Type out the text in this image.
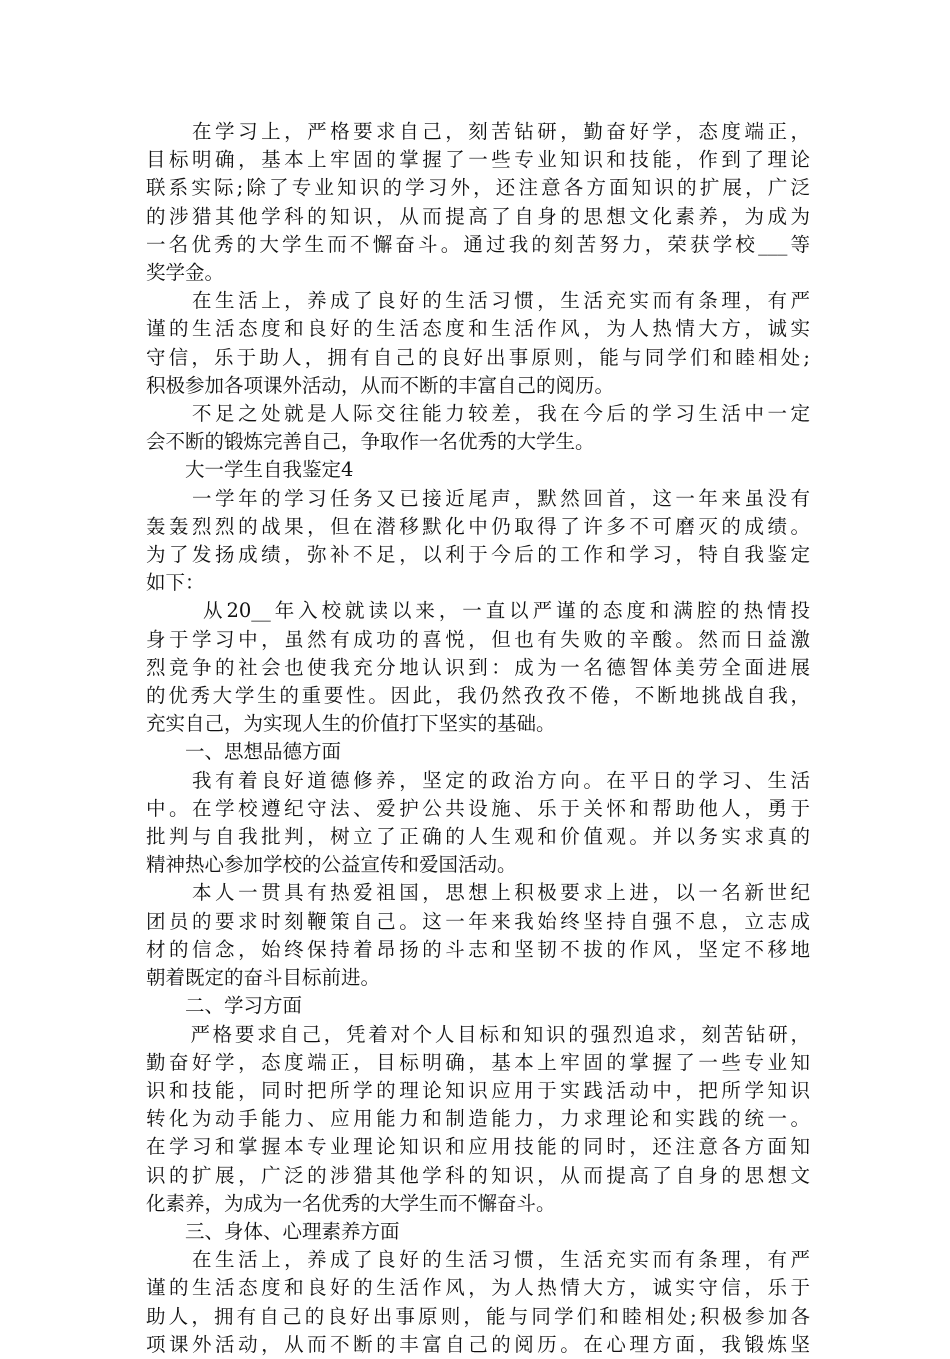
　　在学习上，严格要求自己，刻苦钻研，勤奋好学，态度端正，
目标明确，基本上牢固的掌握了一些专业知识和技能，作到了理论
联系实际;除了专业知识的学习外，还注意各方面知识的扩展，广泛
的涉猎其他学科的知识，从而提高了自身的思想文化素养，为成为
一名优秀的大学生而不懈奋斗。通过我的刻苦努力，荣获学校___等
奖学金。
　　在生活上，养成了良好的生活习惯，生活充实而有条理，有严
谨的生活态度和良好的生活态度和生活作风，为人热情大方，诚实
守信，乐于助人，拥有自己的良好出事原则，能与同学们和睦相处;
积极参加各项课外活动，从而不断的丰富自己的阅历。
　　不足之处就是人际交往能力较差，我在今后的学习生活中一定
会不断的锻炼完善自己，争取作一名优秀的大学生。
　　大一学生自我鉴定4
　　一学年的学习任务又已接近尾声，默然回首，这一年来虽没有
轰轰烈烈的战果，但在潜移默化中仍取得了许多不可磨灭的成绩。
为了发扬成绩，弥补不足，以利于今后的工作和学习，特自我鉴定
如下：
　　 从20__年入校就读以来，一直以严谨的态度和满腔的热情投
身于学习中，虽然有成功的喜悦，但也有失败的辛酸。然而日益激
烈竞争的社会也使我充分地认识到：成为一名德智体美劳全面进展
的优秀大学生的重要性。因此，我仍然孜孜不倦，不断地挑战自我，
充实自己，为实现人生的价值打下坚实的基础。
　　一、思想品德方面
　　我有着良好道德修养，坚定的政治方向。在平日的学习、生活
中。在学校遵纪守法、爱护公共设施、乐于关怀和帮助他人，勇于
批判与自我批判，树立了正确的人生观和价值观。并以务实求真的
精神热心参加学校的公益宣传和爱国活动。
　　本人一贯具有热爱祖国，思想上积极要求上进，以一名新世纪
团员的要求时刻鞭策自己。这一年来我始终坚持自强不息，立志成
材的信念，始终保持着昂扬的斗志和坚韧不拔的作风，坚定不移地
朝着既定的奋斗目标前进。
　　二、学习方面
　　严格要求自己，凭着对个人目标和知识的强烈追求，刻苦钻研，
勤奋好学，态度端正，目标明确，基本上牢固的掌握了一些专业知
识和技能，同时把所学的理论知识应用于实践活动中，把所学知识
转化为动手能力、应用能力和制造能力，力求理论和实践的统一。
在学习和掌握本专业理论知识和应用技能的同时，还注意各方面知
识的扩展，广泛的涉猎其他学科的知识，从而提高了自身的思想文
化素养，为成为一名优秀的大学生而不懈奋斗。
　　三、身体、心理素养方面
　　在生活上，养成了良好的生活习惯，生活充实而有条理，有严
谨的生活态度和良好的生活作风，为人热情大方，诚实守信，乐于
助人，拥有自己的良好出事原则，能与同学们和睦相处;积极参加各
项课外活动，从而不断的丰富自己的阅历。在心理方面，我锻炼坚
